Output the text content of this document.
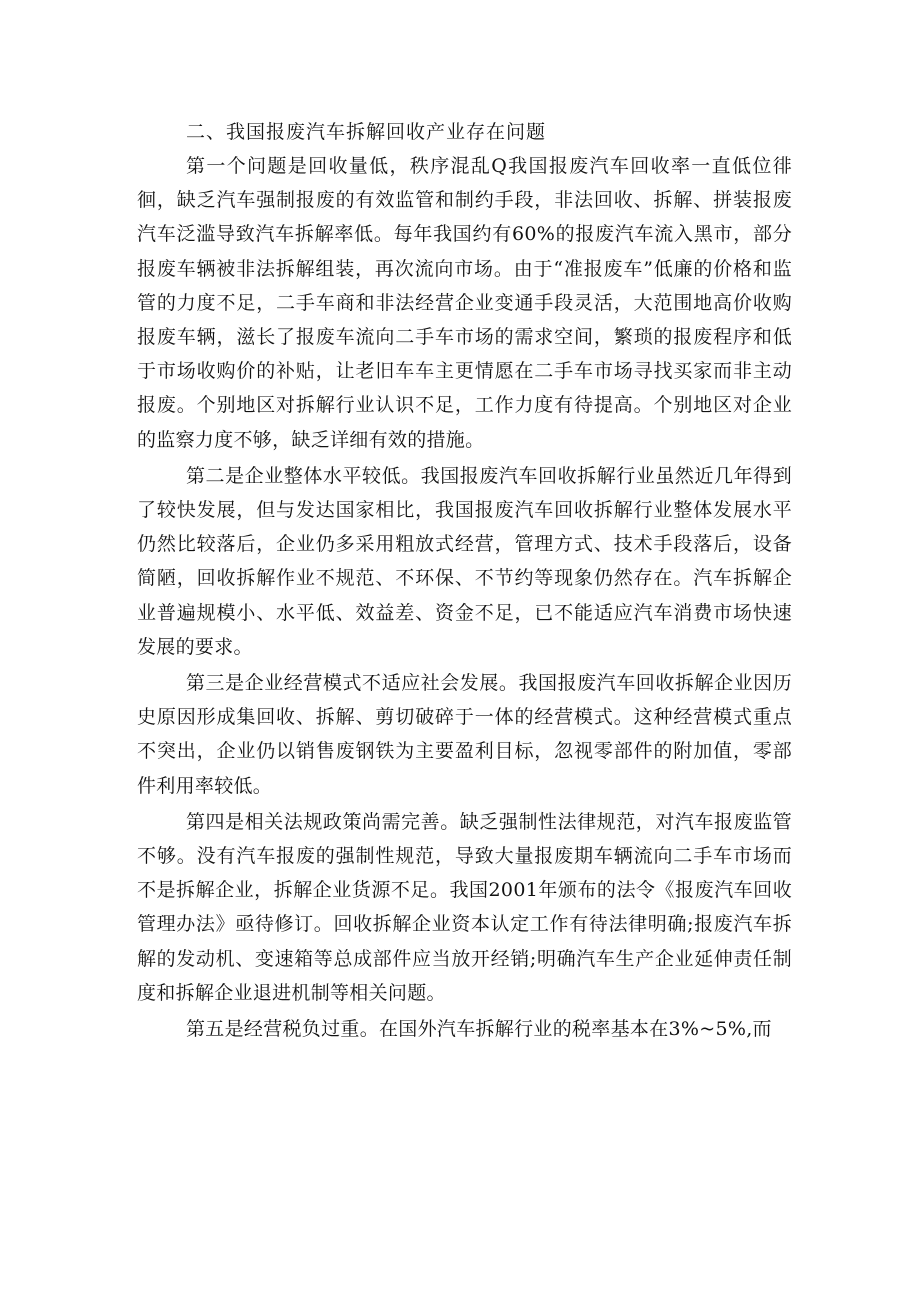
二、我国报废汽车拆解回收产业存在问题

第一个问题是回收量低，秩序混乱Q我国报废汽车回收率一直低位徘徊，缺乏汽车强制报废的有效监管和制约手段，非法回收、拆解、拼装报废汽车泛滥导致汽车拆解率低。每年我国约有60%的报废汽车流入黑市，部分报废车辆被非法拆解组装，再次流向市场。由于“准报废车”低廉的价格和监管的力度不足，二手车商和非法经营企业变通手段灵活，大范围地高价收购报废车辆，滋长了报废车流向二手车市场的需求空间，繁琐的报废程序和低于市场收购价的补贴，让老旧车车主更情愿在二手车市场寻找买家而非主动报废。个别地区对拆解行业认识不足，工作力度有待提高。个别地区对企业的监察力度不够，缺乏详细有效的措施。

第二是企业整体水平较低。我国报废汽车回收拆解行业虽然近几年得到了较快发展，但与发达国家相比，我国报废汽车回收拆解行业整体发展水平仍然比较落后，企业仍多采用粗放式经营，管理方式、技术手段落后，设备简陋，回收拆解作业不规范、不环保、不节约等现象仍然存在。汽车拆解企业普遍规模小、水平低、效益差、资金不足，已不能适应汽车消费市场快速发展的要求。

第三是企业经营模式不适应社会发展。我国报废汽车回收拆解企业因历史原因形成集回收、拆解、剪切破碎于一体的经营模式。这种经营模式重点不突出，企业仍以销售废钢铁为主要盈利目标，忽视零部件的附加值，零部件利用率较低。

第四是相关法规政策尚需完善。缺乏强制性法律规范，对汽车报废监管不够。没有汽车报废的强制性规范，导致大量报废期车辆流向二手车市场而不是拆解企业，拆解企业货源不足。我国2001年颁布的法令《报废汽车回收管理办法》亟待修订。回收拆解企业资本认定工作有待法律明确;报废汽车拆解的发动机、变速箱等总成部件应当放开经销;明确汽车生产企业延伸责任制度和拆解企业退进机制等相关问题。

第五是经营税负过重。在国外汽车拆解行业的税率基本在3%~5%,而
